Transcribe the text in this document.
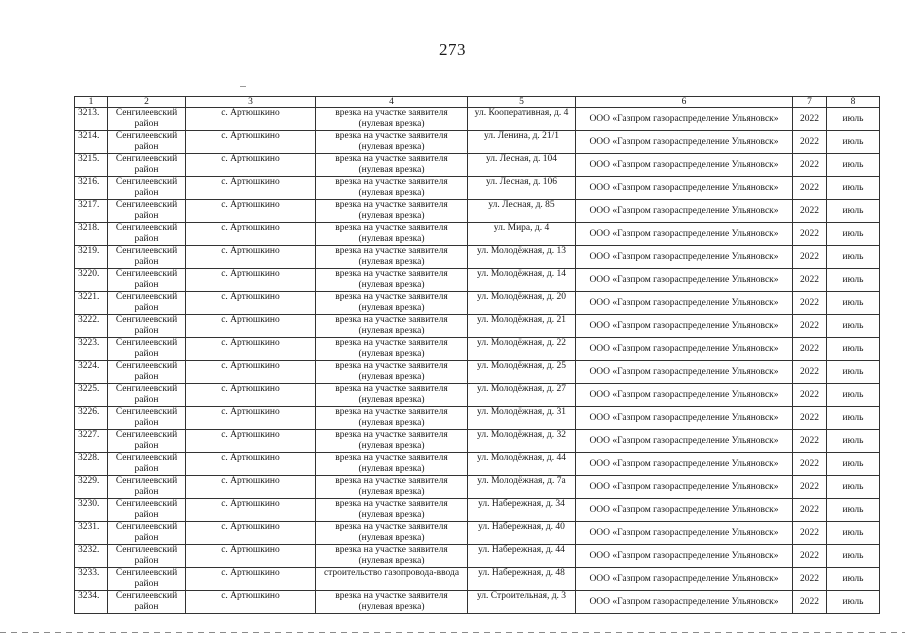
273
1	2	3	4	5	6	7	8
3213.	Сенгилеевский район	с. Артюшкино	врезка на участке заявителя (нулевая врезка)	ул. Кооперативная, д. 4	ООО «Газпром газораспределение Ульяновск»	2022	июль
3214.	Сенгилеевский район	с. Артюшкино	врезка на участке заявителя (нулевая врезка)	ул. Ленина, д. 21/1	ООО «Газпром газораспределение Ульяновск»	2022	июль
3215.	Сенгилеевский район	с. Артюшкино	врезка на участке заявителя (нулевая врезка)	ул. Лесная, д. 104	ООО «Газпром газораспределение Ульяновск»	2022	июль
3216.	Сенгилеевский район	с. Артюшкино	врезка на участке заявителя (нулевая врезка)	ул. Лесная, д. 106	ООО «Газпром газораспределение Ульяновск»	2022	июль
3217.	Сенгилеевский район	с. Артюшкино	врезка на участке заявителя (нулевая врезка)	ул. Лесная, д. 85	ООО «Газпром газораспределение Ульяновск»	2022	июль
3218.	Сенгилеевский район	с. Артюшкино	врезка на участке заявителя (нулевая врезка)	ул. Мира, д. 4	ООО «Газпром газораспределение Ульяновск»	2022	июль
3219.	Сенгилеевский район	с. Артюшкино	врезка на участке заявителя (нулевая врезка)	ул. Молодёжная, д. 13	ООО «Газпром газораспределение Ульяновск»	2022	июль
3220.	Сенгилеевский район	с. Артюшкино	врезка на участке заявителя (нулевая врезка)	ул. Молодёжная, д. 14	ООО «Газпром газораспределение Ульяновск»	2022	июль
3221.	Сенгилеевский район	с. Артюшкино	врезка на участке заявителя (нулевая врезка)	ул. Молодёжная, д. 20	ООО «Газпром газораспределение Ульяновск»	2022	июль
3222.	Сенгилеевский район	с. Артюшкино	врезка на участке заявителя (нулевая врезка)	ул. Молодёжная, д. 21	ООО «Газпром газораспределение Ульяновск»	2022	июль
3223.	Сенгилеевский район	с. Артюшкино	врезка на участке заявителя (нулевая врезка)	ул. Молодёжная, д. 22	ООО «Газпром газораспределение Ульяновск»	2022	июль
3224.	Сенгилеевский район	с. Артюшкино	врезка на участке заявителя (нулевая врезка)	ул. Молодёжная, д. 25	ООО «Газпром газораспределение Ульяновск»	2022	июль
3225.	Сенгилеевский район	с. Артюшкино	врезка на участке заявителя (нулевая врезка)	ул. Молодёжная, д. 27	ООО «Газпром газораспределение Ульяновск»	2022	июль
3226.	Сенгилеевский район	с. Артюшкино	врезка на участке заявителя (нулевая врезка)	ул. Молодёжная, д. 31	ООО «Газпром газораспределение Ульяновск»	2022	июль
3227.	Сенгилеевский район	с. Артюшкино	врезка на участке заявителя (нулевая врезка)	ул. Молодёжная, д. 32	ООО «Газпром газораспределение Ульяновск»	2022	июль
3228.	Сенгилеевский район	с. Артюшкино	врезка на участке заявителя (нулевая врезка)	ул. Молодёжная, д. 44	ООО «Газпром газораспределение Ульяновск»	2022	июль
3229.	Сенгилеевский район	с. Артюшкино	врезка на участке заявителя (нулевая врезка)	ул. Молодёжная, д. 7а	ООО «Газпром газораспределение Ульяновск»	2022	июль
3230.	Сенгилеевский район	с. Артюшкино	врезка на участке заявителя (нулевая врезка)	ул. Набережная, д. 34	ООО «Газпром газораспределение Ульяновск»	2022	июль
3231.	Сенгилеевский район	с. Артюшкино	врезка на участке заявителя (нулевая врезка)	ул. Набережная, д. 40	ООО «Газпром газораспределение Ульяновск»	2022	июль
3232.	Сенгилеевский район	с. Артюшкино	врезка на участке заявителя (нулевая врезка)	ул. Набережная, д. 44	ООО «Газпром газораспределение Ульяновск»	2022	июль
3233.	Сенгилеевский район	с. Артюшкино	строительство газопровода-ввода	ул. Набережная, д. 48	ООО «Газпром газораспределение Ульяновск»	2022	июль
3234.	Сенгилеевский район	с. Артюшкино	врезка на участке заявителя (нулевая врезка)	ул. Строительная, д. 3	ООО «Газпром газораспределение Ульяновск»	2022	июль
